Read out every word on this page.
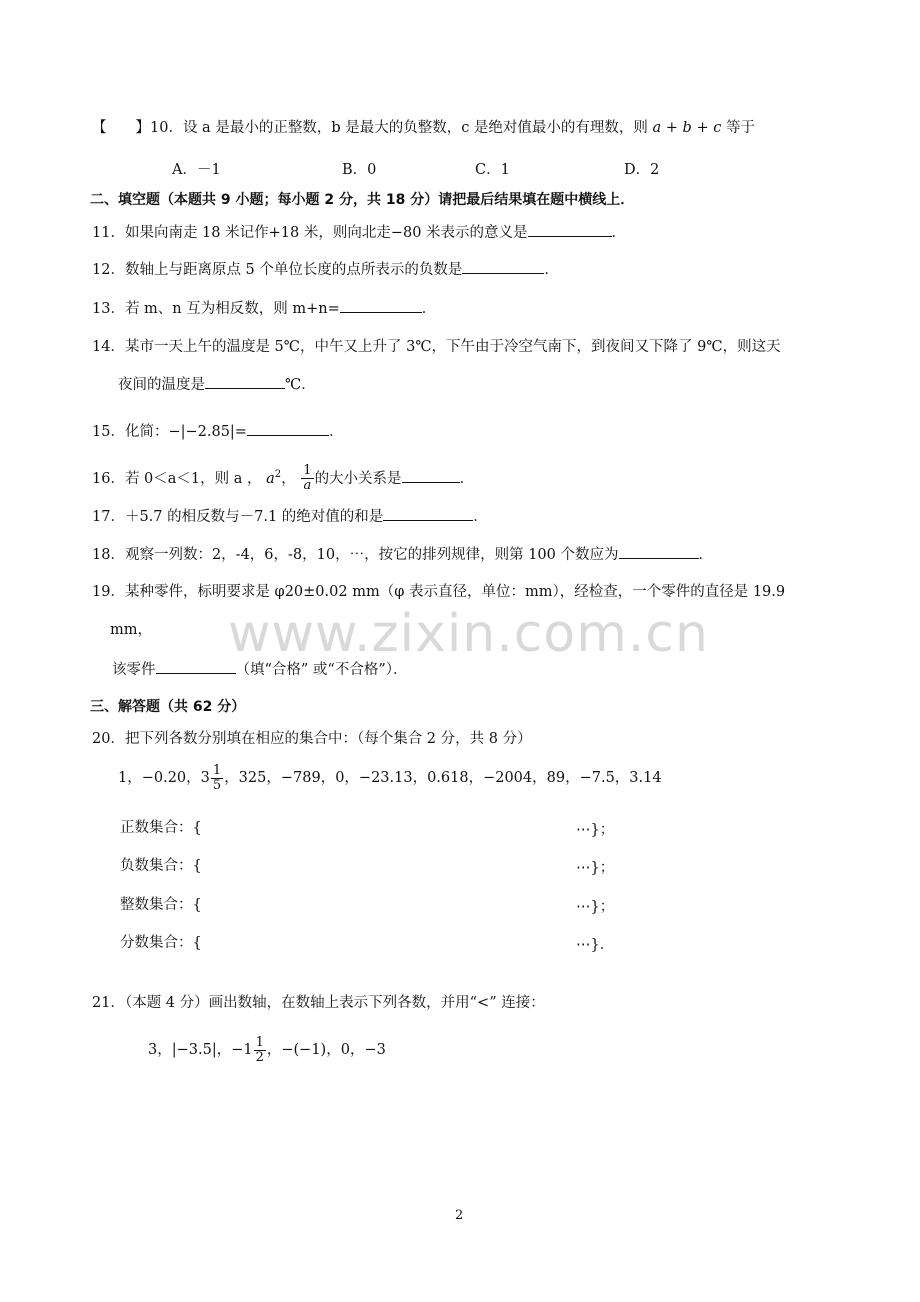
【　　】10．设 a 是最小的正整数，b 是最大的负整数，c 是绝对值最小的有理数，则 a + b + c 等于
A．－1	B．0	C．1	D．2
二、填空题（本题共 9 小题；每小题 2 分，共 18 分）请把最后结果填在题中横线上．
11．如果向南走 18 米记作+18 米，则向北走−80 米表示的意义是	．
12．数轴上与距离原点 5 个单位长度的点所表示的负数是	．
13．若 m、n 互为相反数，则 m+n=	．
14．某市一天上午的温度是 5℃，中午又上升了 3℃，下午由于冷空气南下，到夜间又下降了 9℃，则这天
夜间的温度是	℃．
15．化简：−|−2.85|=	．
16．若 0＜a＜1，则 a ， $a^2$， $\frac{1}{a}$ 的大小关系是	．
17．＋5.7 的相反数与－7.1 的绝对值的和是	．
18．观察一列数：2，-4，6，-8，10，⋯，按它的排列规律，则第 100 个数应为	．
19．某种零件，标明要求是 φ20±0.02 mm（φ 表示直径，单位：mm），经检查，一个零件的直径是 19.9
mm， www.zixin.com.cn
该零件	（填“合格” 或“不合格”）．
三、解答题（共 62 分）
20．把下列各数分别填在相应的集合中：（每个集合 2 分，共 8 分）
1，−0.20，$3 \frac{1}{5}$ ，325，−789，0，−23.13，0.618，−2004，89，−7.5，3.14
正数集合：{	⋯}；
负数集合：{	⋯}；
整数集合：{	⋯}；
分数集合：{	⋯}．
21．（本题 4 分）画出数轴，在数轴上表示下列各数，并用“<” 连接：
3，|−3.5|，$-1 \frac{1}{2}$ ，−(−1)，0，−3
2
